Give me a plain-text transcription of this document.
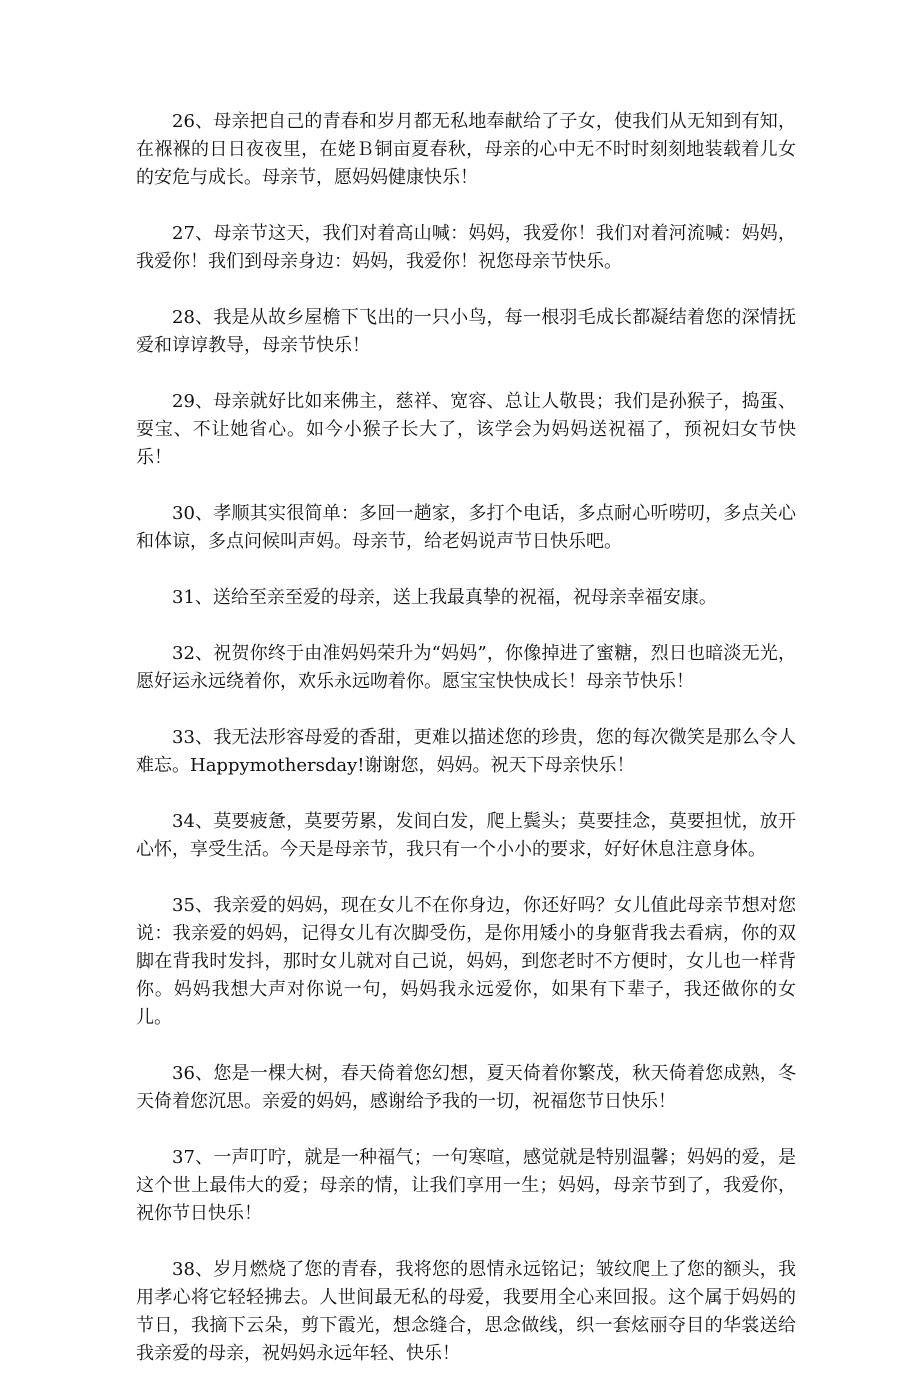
26、母亲把自己的青春和岁月都无私地奉献给了子女，使我们从无知到有知，在褓褓的日日夜夜里，在姥Ｂ铜亩夏春秋，母亲的心中无不时时刻刻地装载着儿女的安危与成长。母亲节，愿妈妈健康快乐！

27、母亲节这天，我们对着高山喊：妈妈，我爱你！我们对着河流喊：妈妈，我爱你！我们到母亲身边：妈妈，我爱你！祝您母亲节快乐。

28、我是从故乡屋檐下飞出的一只小鸟，每一根羽毛成长都凝结着您的深情抚爱和谆谆教导，母亲节快乐！

29、母亲就好比如来佛主，慈祥、宽容、总让人敬畏；我们是孙猴子，捣蛋、耍宝、不让她省心。如今小猴子长大了，该学会为妈妈送祝福了，预祝妇女节快乐！

30、孝顺其实很简单：多回一趟家，多打个电话，多点耐心听唠叨，多点关心和体谅，多点问候叫声妈。母亲节，给老妈说声节日快乐吧。

31、送给至亲至爱的母亲，送上我最真挚的祝福，祝母亲幸福安康。

32、祝贺你终于由准妈妈荣升为“妈妈”，你像掉进了蜜糖，烈日也暗淡无光，愿好运永远绕着你，欢乐永远吻着你。愿宝宝快快成长！母亲节快乐！

33、我无法形容母爱的香甜，更难以描述您的珍贵，您的每次微笑是那么令人难忘。Happymothersday!谢谢您，妈妈。祝天下母亲快乐！

34、莫要疲惫，莫要劳累，发间白发，爬上鬓头；莫要挂念，莫要担忧，放开心怀，享受生活。今天是母亲节，我只有一个小小的要求，好好休息注意身体。

35、我亲爱的妈妈，现在女儿不在你身边，你还好吗？女儿值此母亲节想对您说：我亲爱的妈妈，记得女儿有次脚受伤，是你用矮小的身躯背我去看病，你的双脚在背我时发抖，那时女儿就对自己说，妈妈，到您老时不方便时，女儿也一样背你。妈妈我想大声对你说一句，妈妈我永远爱你，如果有下辈子，我还做你的女儿。

36、您是一棵大树，春天倚着您幻想，夏天倚着你繁茂，秋天倚着您成熟，冬天倚着您沉思。亲爱的妈妈，感谢给予我的一切，祝福您节日快乐！

37、一声叮咛，就是一种福气；一句寒喧，感觉就是特别温馨；妈妈的爱，是这个世上最伟大的爱；母亲的情，让我们享用一生；妈妈，母亲节到了，我爱你，祝你节日快乐！

38、岁月燃烧了您的青春，我将您的恩情永远铭记；皱纹爬上了您的额头，我用孝心将它轻轻拂去。人世间最无私的母爱，我要用全心来回报。这个属于妈妈的节日，我摘下云朵，剪下霞光，想念缝合，思念做线，织一套炫丽夺目的华裳送给我亲爱的母亲，祝妈妈永远年轻、快乐！
